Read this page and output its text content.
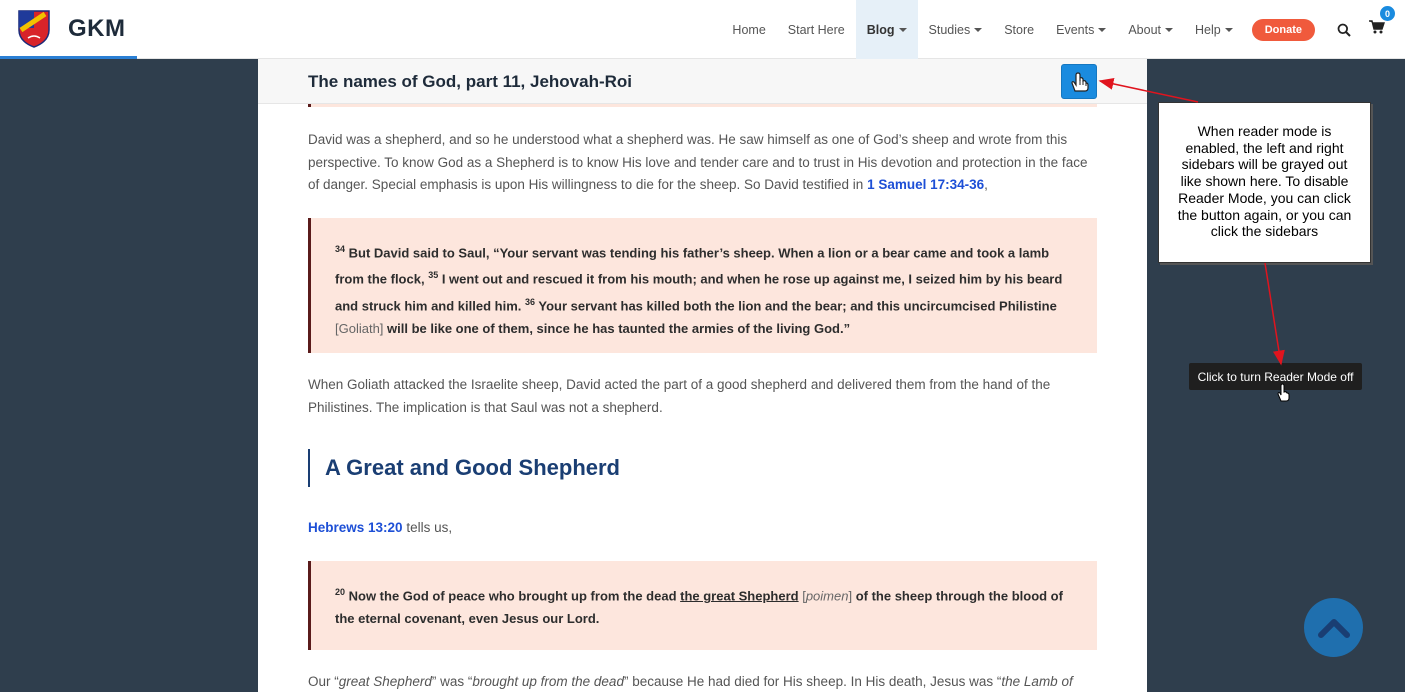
GKM	Home Start Here Blog	Studies	Store Events	About	Help	Donate
0
The names of God, part 11, Jehovah-Roi

David was a shepherd, and so he understood what a shepherd was. He saw himself as one of God’s sheep and wrote from this perspective. To know God as a Shepherd is to know His love and tender care and to trust in His devotion and protection in the face of danger. Special emphasis is upon His willingness to die for the sheep. So David testified in 1 Samuel 17:34-36,

$^{34}$ But David said to Saul, “Your servant was tending his father’s sheep. When a lion or a bear came and took a lamb from the flock, $^{35}$ I went out and rescued it from his mouth; and when he rose up against me, I seized him by his beard and struck him and killed him. $^{36}$ Your servant has killed both the lion and the bear; and this uncircumcised Philistine [Goliath] will be like one of them, since he has taunted the armies of the living God.”

When Goliath attacked the Israelite sheep, David acted the part of a good shepherd and delivered them from the hand of the Philistines. The implication is that Saul was not a shepherd.

A Great and Good Shepherd

Hebrews 13:20 tells us,

$^{20}$ Now the God of peace who brought up from the dead the great Shepherd [poimen] of the sheep through the blood of the eternal covenant, even Jesus our Lord.

Our “great Shepherd” was “brought up from the dead” because He had died for His sheep. In His death, Jesus was “the Lamb of

When reader mode is enabled, the left and right sidebars will be grayed out like shown here. To disable Reader Mode, you can click the button again, or you can click the sidebars
Click to turn Reader Mode off
